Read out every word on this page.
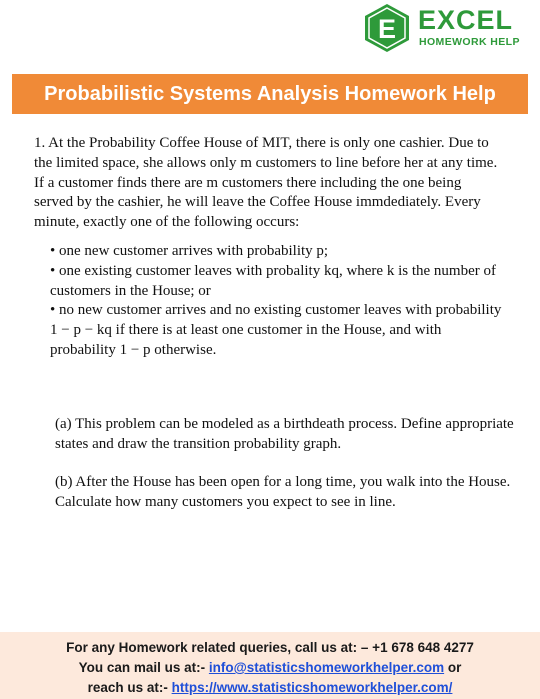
E EXCEL
HOMEWORK HELP
Probabilistic Systems Analysis Homework Help

1. At the Probability Coffee House of MIT, there is only one cashier. Due to the limited space, she allows only m customers to line before her at any time. If a customer finds there are m customers there including the one being served by the cashier, he will leave the Coffee House immdediately. Every minute, exactly one of the following occurs:

• one new customer arrives with probability p;
• one existing customer leaves with probality kq, where k is the number of customers in the House; or
• no new customer arrives and no existing customer leaves with probability 1 − p − kq if there is at least one customer in the House, and with probability 1 − p otherwise.
(a) This problem can be modeled as a birthdeath process. Define appropriate states and draw the transition probability graph.
(b) After the House has been open for a long time, you walk into the House. Calculate how many customers you expect to see in line.
For any Homework related queries, call us at: – +1 678 648 4277
You can mail us at:- info@statisticshomeworkhelper.com or
reach us at:- https://www.statisticshomeworkhelper.com/
